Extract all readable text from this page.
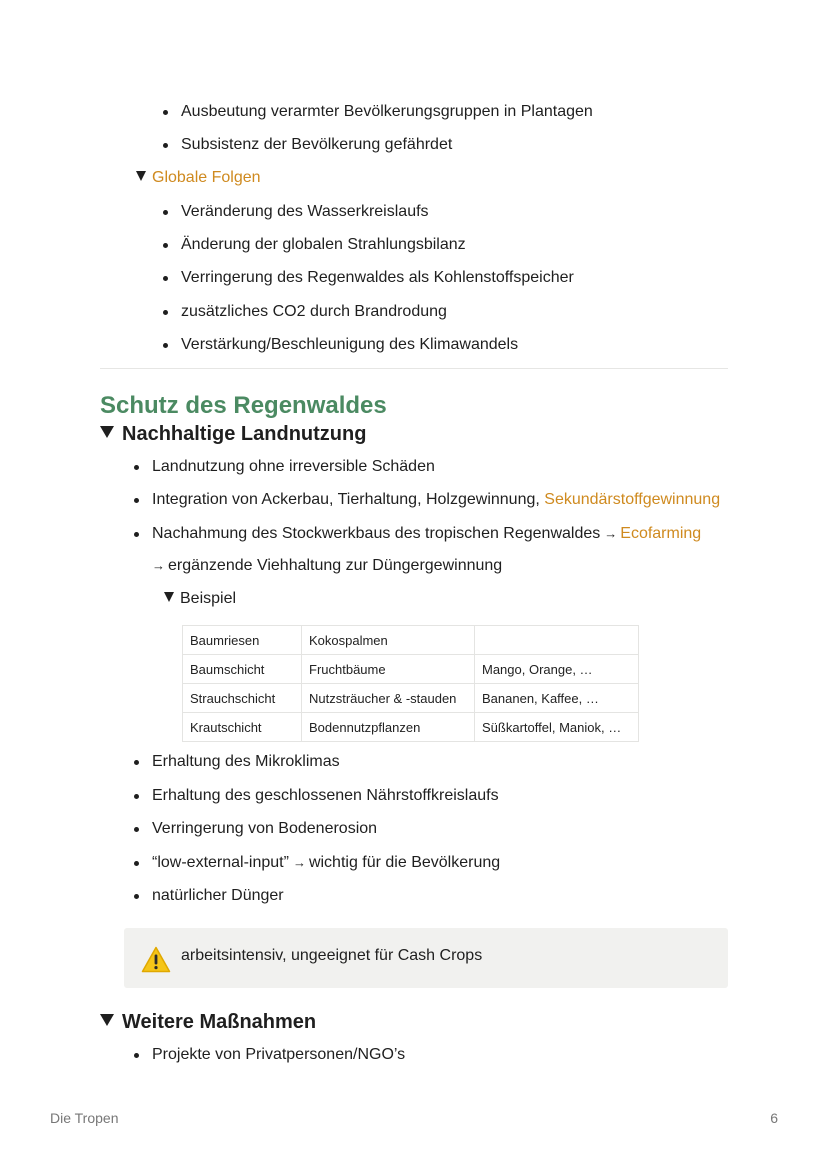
Ausbeutung verarmter Bevölkerungsgruppen in Plantagen
Subsistenz der Bevölkerung gefährdet
Globale Folgen
Veränderung des Wasserkreislaufs
Änderung der globalen Strahlungsbilanz
Verringerung des Regenwaldes als Kohlenstoffspeicher
zusätzliches CO2 durch Brandrodung
Verstärkung/Beschleunigung des Klimawandels
Schutz des Regenwaldes
Nachhaltige Landnutzung
Landnutzung ohne irreversible Schäden
Integration von Ackerbau, Tierhaltung, Holzgewinnung, Sekundärstoffgewinnung
Nachahmung des Stockwerkbaus des tropischen Regenwaldes → Ecofarming
→ ergänzende Viehhaltung zur Düngergewinnung
Beispiel
Baumriesen	Kokospalmen	
Baumschicht	Fruchtbäume	Mango, Orange, …
Strauchschicht	Nutzsträucher & -stauden	Bananen, Kaffee, …
Krautschicht	Bodennutzpflanzen	Süßkartoffel, Maniok, …
Erhaltung des Mikroklimas
Erhaltung des geschlossenen Nährstoffkreislaufs
Verringerung von Bodenerosion
“low-external-input” → wichtig für die Bevölkerung
natürlicher Dünger
arbeitsintensiv, ungeeignet für Cash Crops
Weitere Maßnahmen
Projekte von Privatpersonen/NGO’s
Die Tropen	6
